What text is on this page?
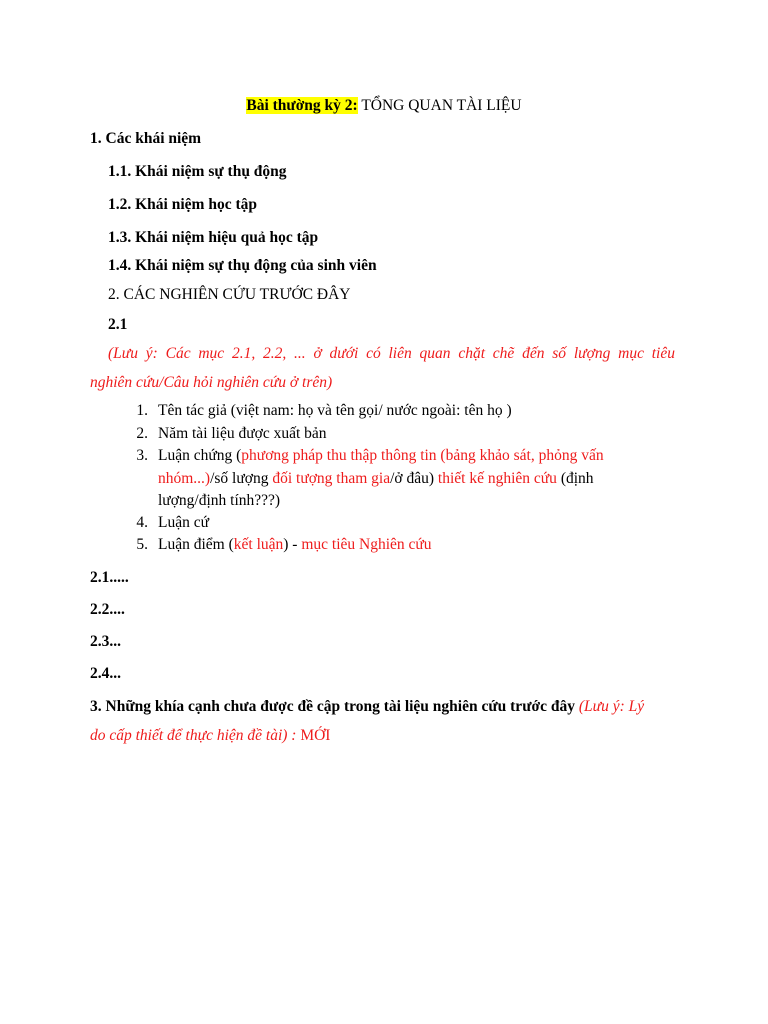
Bài thường kỳ 2: TỔNG QUAN TÀI LIỆU
1. Các khái niệm
1.1. Khái niệm sự thụ động
1.2. Khái niệm học tập
1.3. Khái niệm hiệu quả học tập
1.4. Khái niệm sự thụ động của sinh viên
2. CÁC NGHIÊN CỨU TRƯỚC ĐÂY
2.1
(Lưu ý: Các mục 2.1, 2.2, ... ở dưới có liên quan chặt chẽ đến số lượng mục tiêu
nghiên cứu/Câu hỏi nghiên cứu ở trên)
1. Tên tác giả (việt nam: họ và tên gọi/ nước ngoài: tên họ )
2. Năm tài liệu được xuất bản
3. Luận chứng (phương pháp thu thập thông tin (bảng khảo sát, phỏng vấn
nhóm...)/số lượng đối tượng tham gia/ở đâu) thiết kế nghiên cứu (định
lượng/định tính???)
4. Luận cứ
5. Luận điểm (kết luận) - mục tiêu Nghiên cứu
2.1.....
2.2....
2.3...
2.4...
3. Những khía cạnh chưa được đề cập trong tài liệu nghiên cứu trước đây (Lưu ý: Lý
do cấp thiết để thực hiện đề tài) : MỚI
